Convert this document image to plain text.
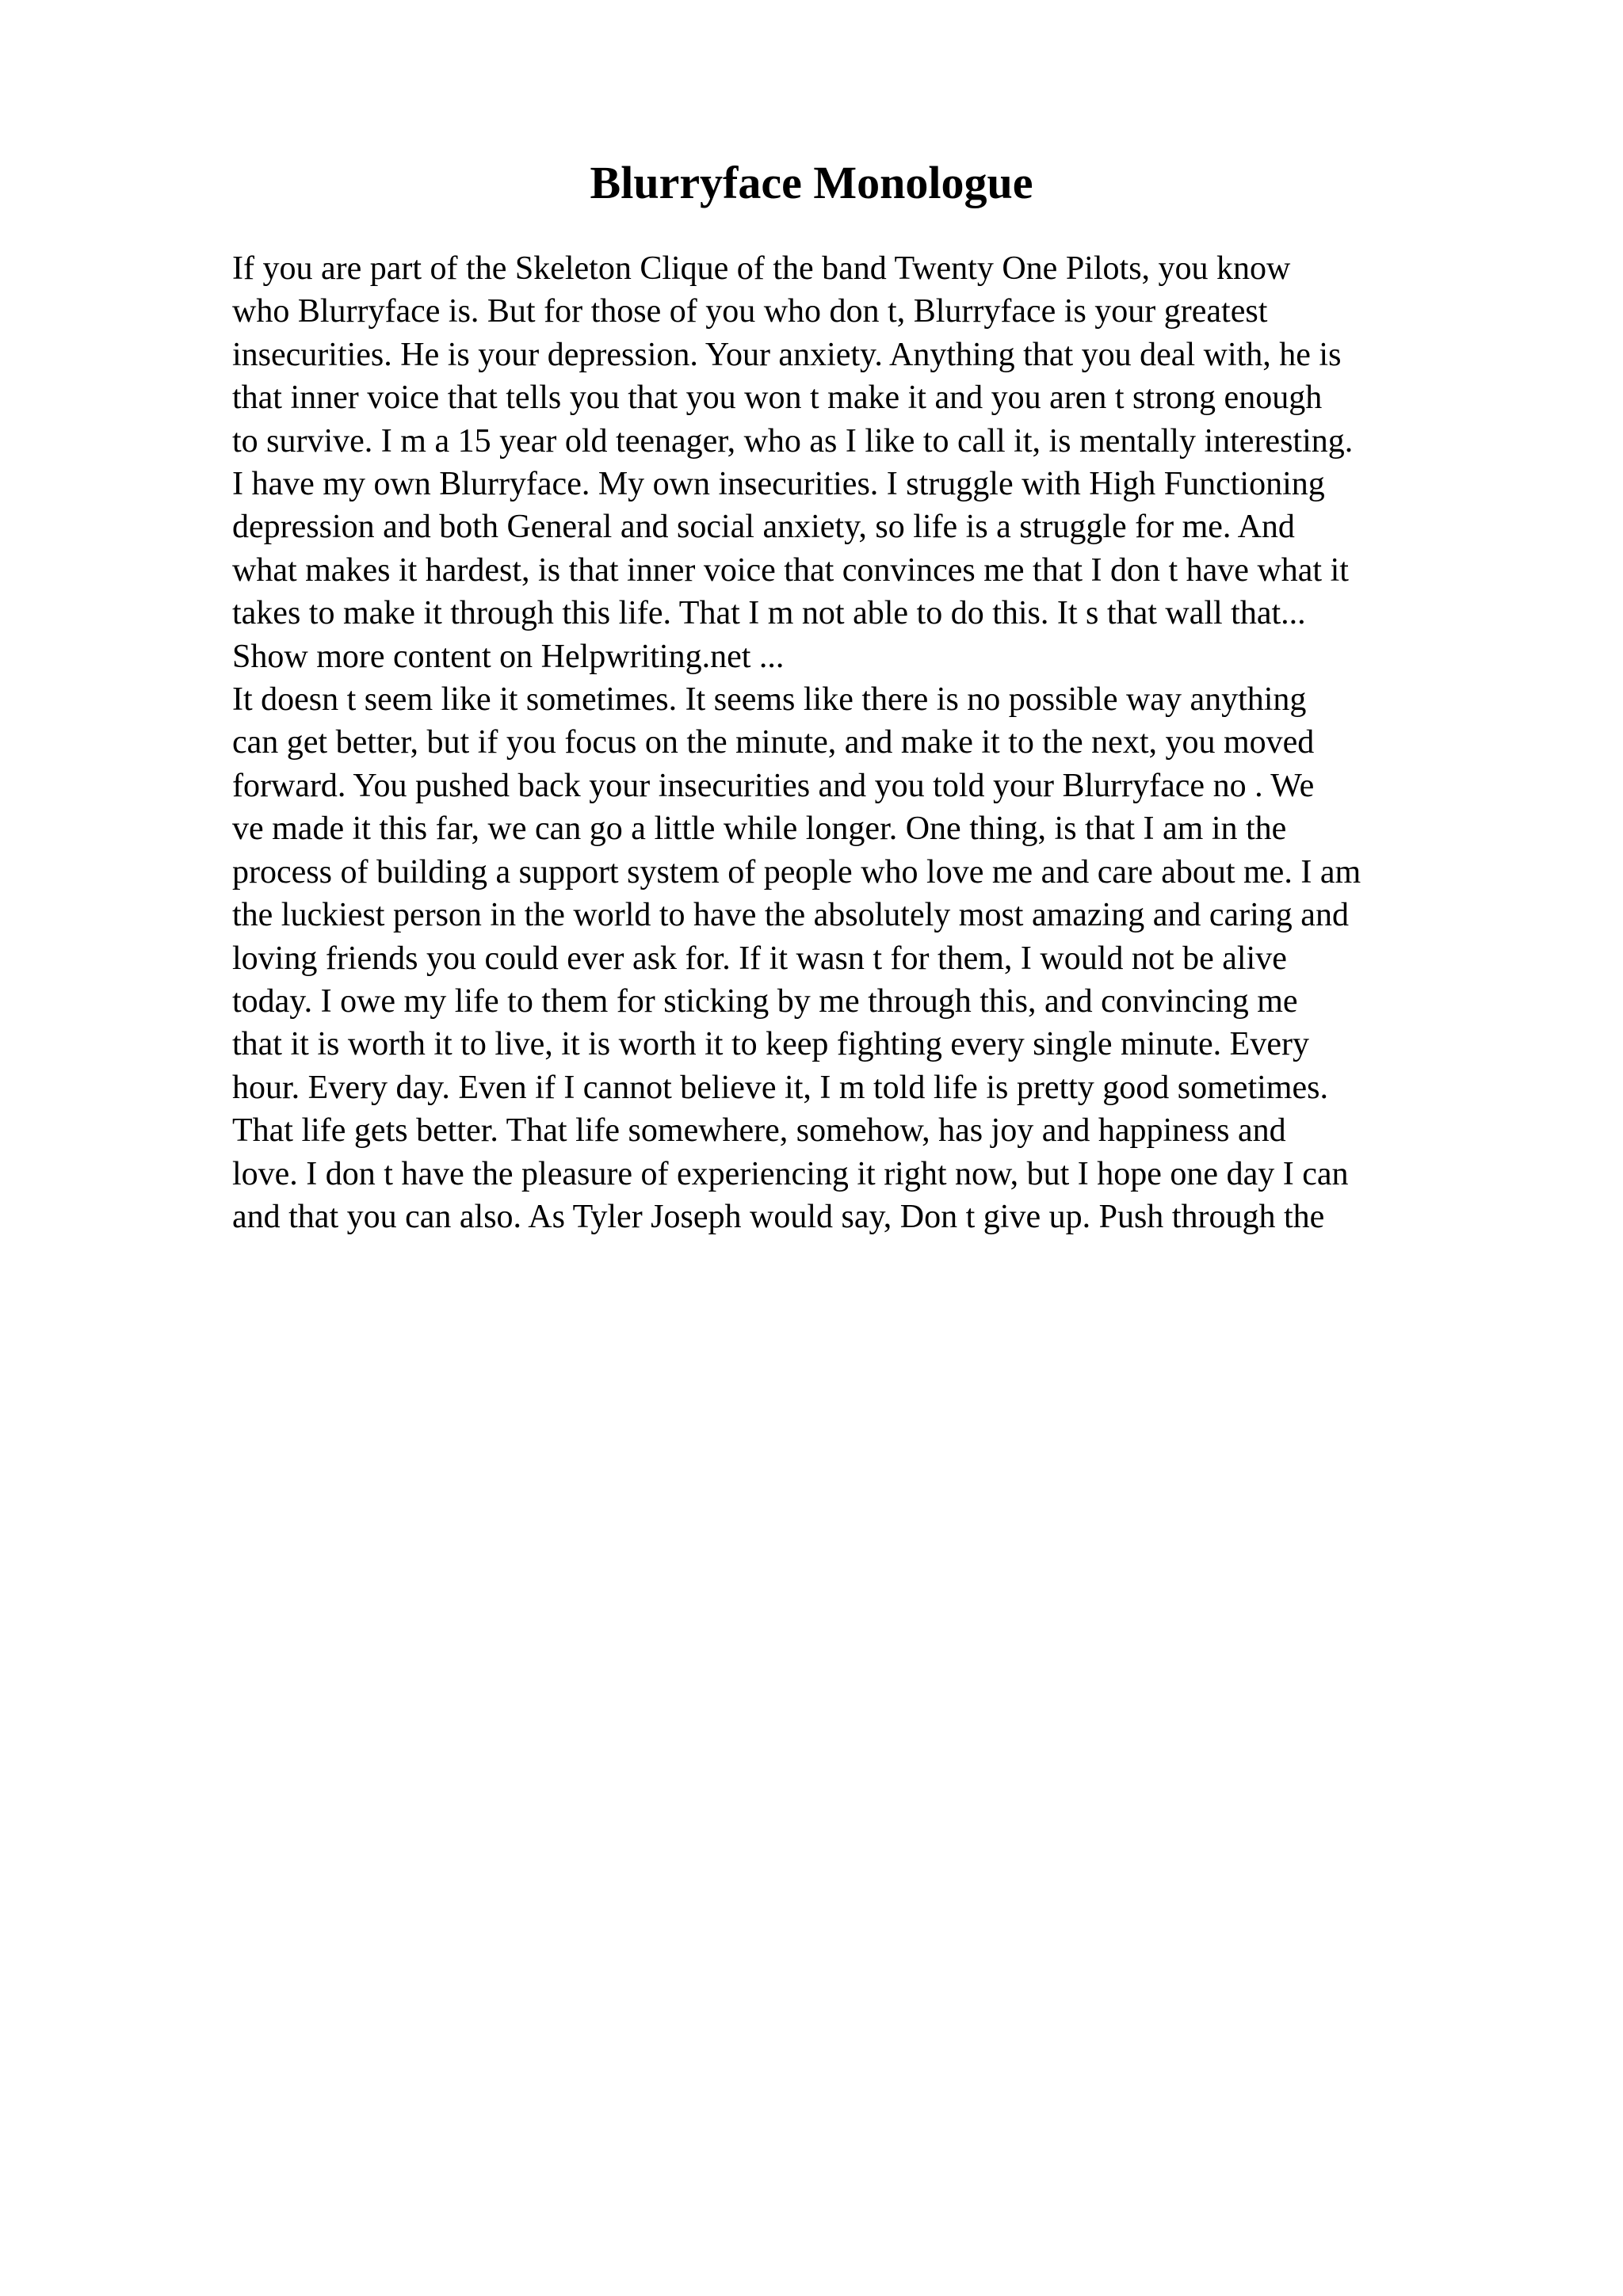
Blurryface Monologue
If you are part of the Skeleton Clique of the band Twenty One Pilots, you know
who Blurryface is. But for those of you who don t, Blurryface is your greatest
insecurities. He is your depression. Your anxiety. Anything that you deal with, he is
that inner voice that tells you that you won t make it and you aren t strong enough
to survive. I m a 15 year old teenager, who as I like to call it, is mentally interesting.
I have my own Blurryface. My own insecurities. I struggle with High Functioning
depression and both General and social anxiety, so life is a struggle for me. And
what makes it hardest, is that inner voice that convinces me that I don t have what it
takes to make it through this life. That I m not able to do this. It s that wall that...
Show more content on Helpwriting.net ...
It doesn t seem like it sometimes. It seems like there is no possible way anything
can get better, but if you focus on the minute, and make it to the next, you moved
forward. You pushed back your insecurities and you told your Blurryface no . We
ve made it this far, we can go a little while longer. One thing, is that I am in the
process of building a support system of people who love me and care about me. I am
the luckiest person in the world to have the absolutely most amazing and caring and
loving friends you could ever ask for. If it wasn t for them, I would not be alive
today. I owe my life to them for sticking by me through this, and convincing me
that it is worth it to live, it is worth it to keep fighting every single minute. Every
hour. Every day. Even if I cannot believe it, I m told life is pretty good sometimes.
That life gets better. That life somewhere, somehow, has joy and happiness and
love. I don t have the pleasure of experiencing it right now, but I hope one day I can
and that you can also. As Tyler Joseph would say, Don t give up. Push through the
